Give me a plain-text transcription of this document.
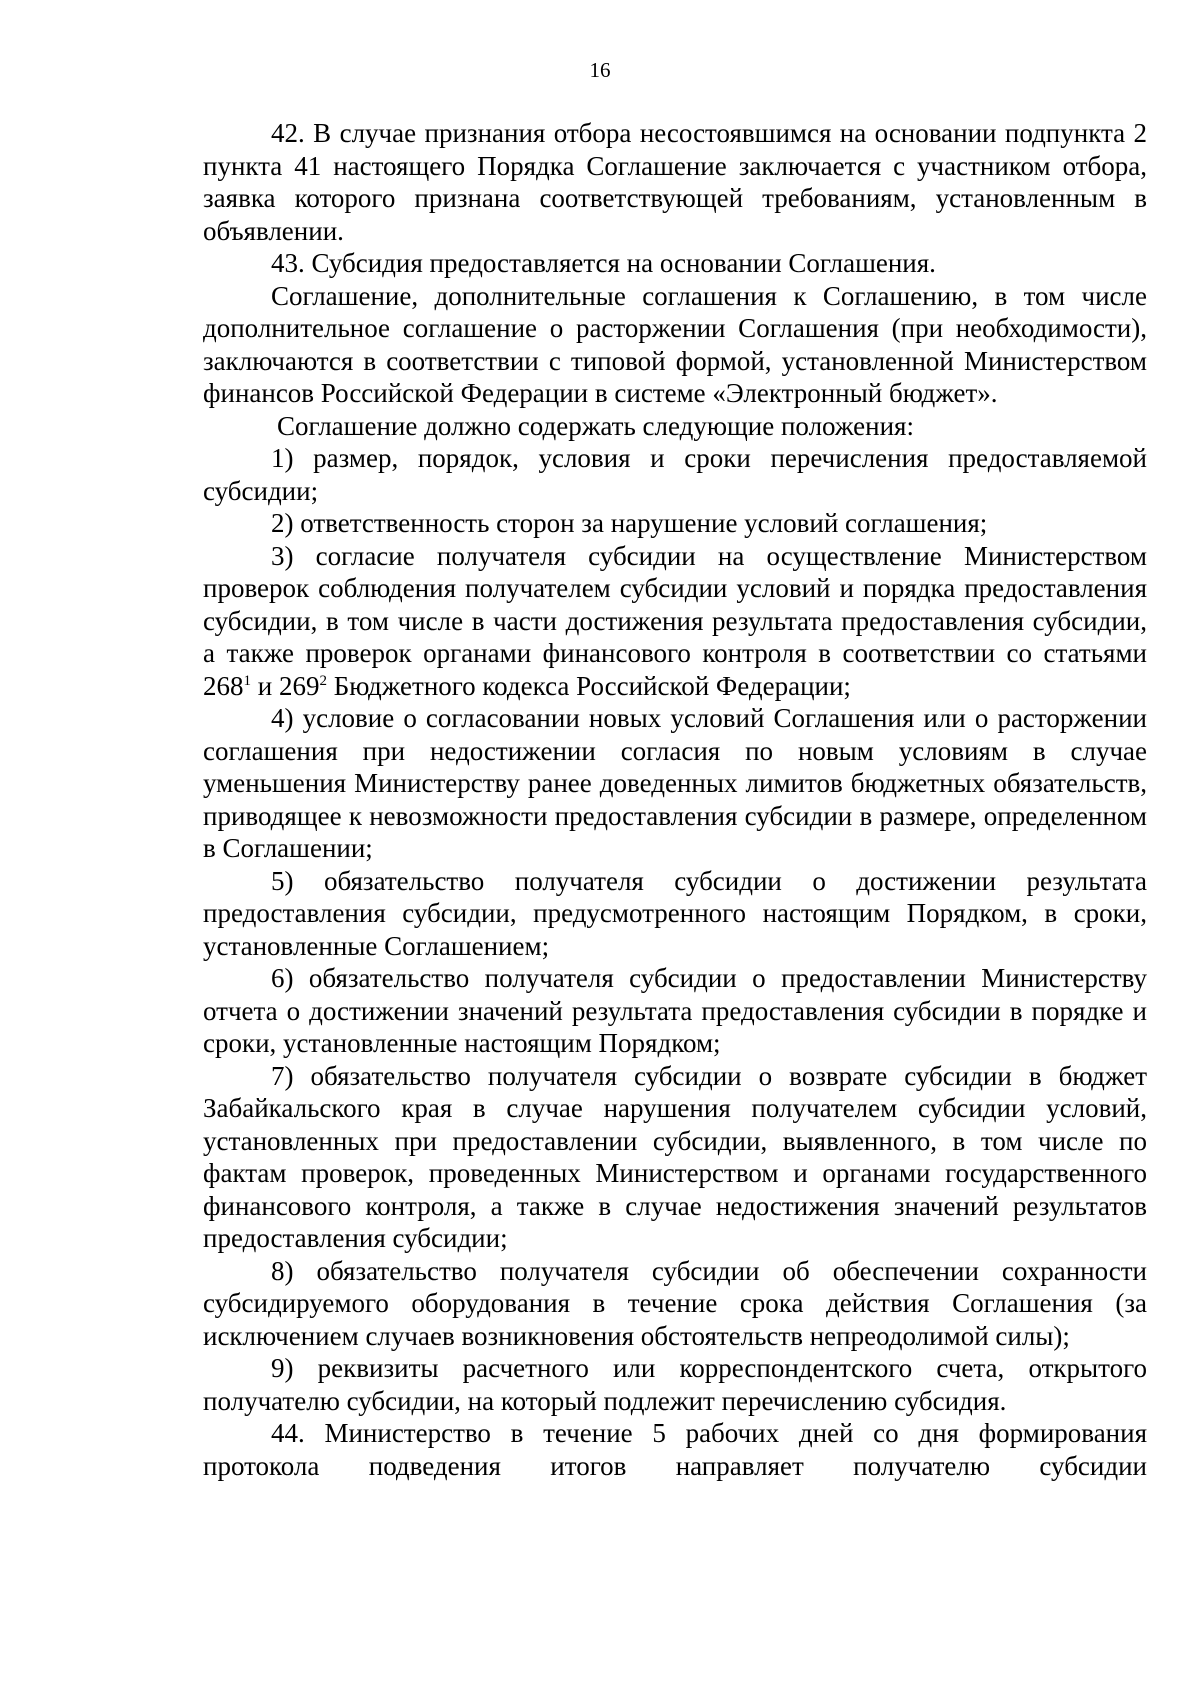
16

42. В случае признания отбора несостоявшимся на основании подпункта 2 пункта 41 настоящего Порядка Соглашение заключается с участником отбора, заявка которого признана соответствующей требованиям, установленным в объявлении.

43. Субсидия предоставляется на основании Соглашения.

Соглашение, дополнительные соглашения к Соглашению, в том числе дополнительное соглашение о расторжении Соглашения (при необходимости), заключаются в соответствии с типовой формой, установленной Министерством финансов Российской Федерации в системе «Электронный бюджет».

Соглашение должно содержать следующие положения:

1) размер, порядок, условия и сроки перечисления предоставляемой субсидии;

2) ответственность сторон за нарушение условий соглашения;

3) согласие получателя субсидии на осуществление Министерством проверок соблюдения получателем субсидии условий и порядка предоставления субсидии, в том числе в части достижения результата предоставления субсидии, а также проверок органами финансового контроля в соответствии со статьями $268^1$ и $269^2$ Бюджетного кодекса Российской Федерации;

4) условие о согласовании новых условий Соглашения или о расторжении соглашения при недостижении согласия по новым условиям в случае уменьшения Министерству ранее доведенных лимитов бюджетных обязательств, приводящее к невозможности предоставления субсидии в размере, определенном в Соглашении;

5) обязательство получателя субсидии о достижении результата предоставления субсидии, предусмотренного настоящим Порядком, в сроки, установленные Соглашением;

6) обязательство получателя субсидии о предоставлении Министерству отчета о достижении значений результата предоставления субсидии в порядке и сроки, установленные настоящим Порядком;

7) обязательство получателя субсидии о возврате субсидии в бюджет Забайкальского края в случае нарушения получателем субсидии условий, установленных при предоставлении субсидии, выявленного, в том числе по фактам проверок, проведенных Министерством и органами государственного финансового контроля, а также в случае недостижения значений результатов предоставления субсидии;

8) обязательство получателя субсидии об обеспечении сохранности субсидируемого оборудования в течение срока действия Соглашения (за исключением случаев возникновения обстоятельств непреодолимой силы);

9) реквизиты расчетного или корреспондентского счета, открытого получателю субсидии, на который подлежит перечислению субсидия.

44. Министерство в течение 5 рабочих дней со дня формирования протокола подведения итогов направляет получателю субсидии
